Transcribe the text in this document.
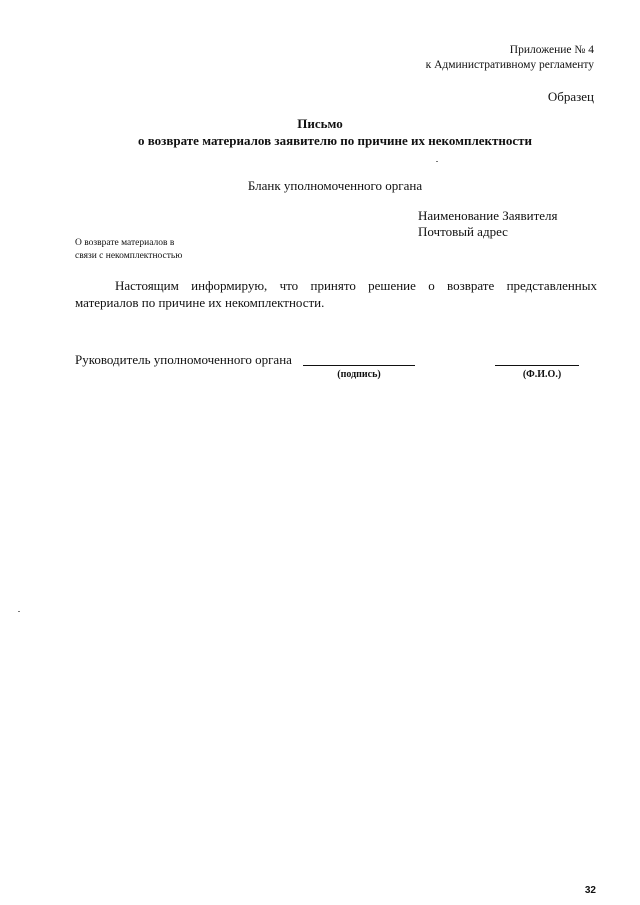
Приложение № 4
к Административному регламенту
Образец
Письмо
о возврате материалов заявителю по причине их некомплектности
Бланк уполномоченного органа
Наименование Заявителя
Почтовый адрес
О возврате материалов в
связи с некомплектностью
Настоящим информирую, что принято решение о возврате представленных материалов по причине их некомплектности.
Руководитель уполномоченного органа
(подпись)	(Ф.И.О.)
32
